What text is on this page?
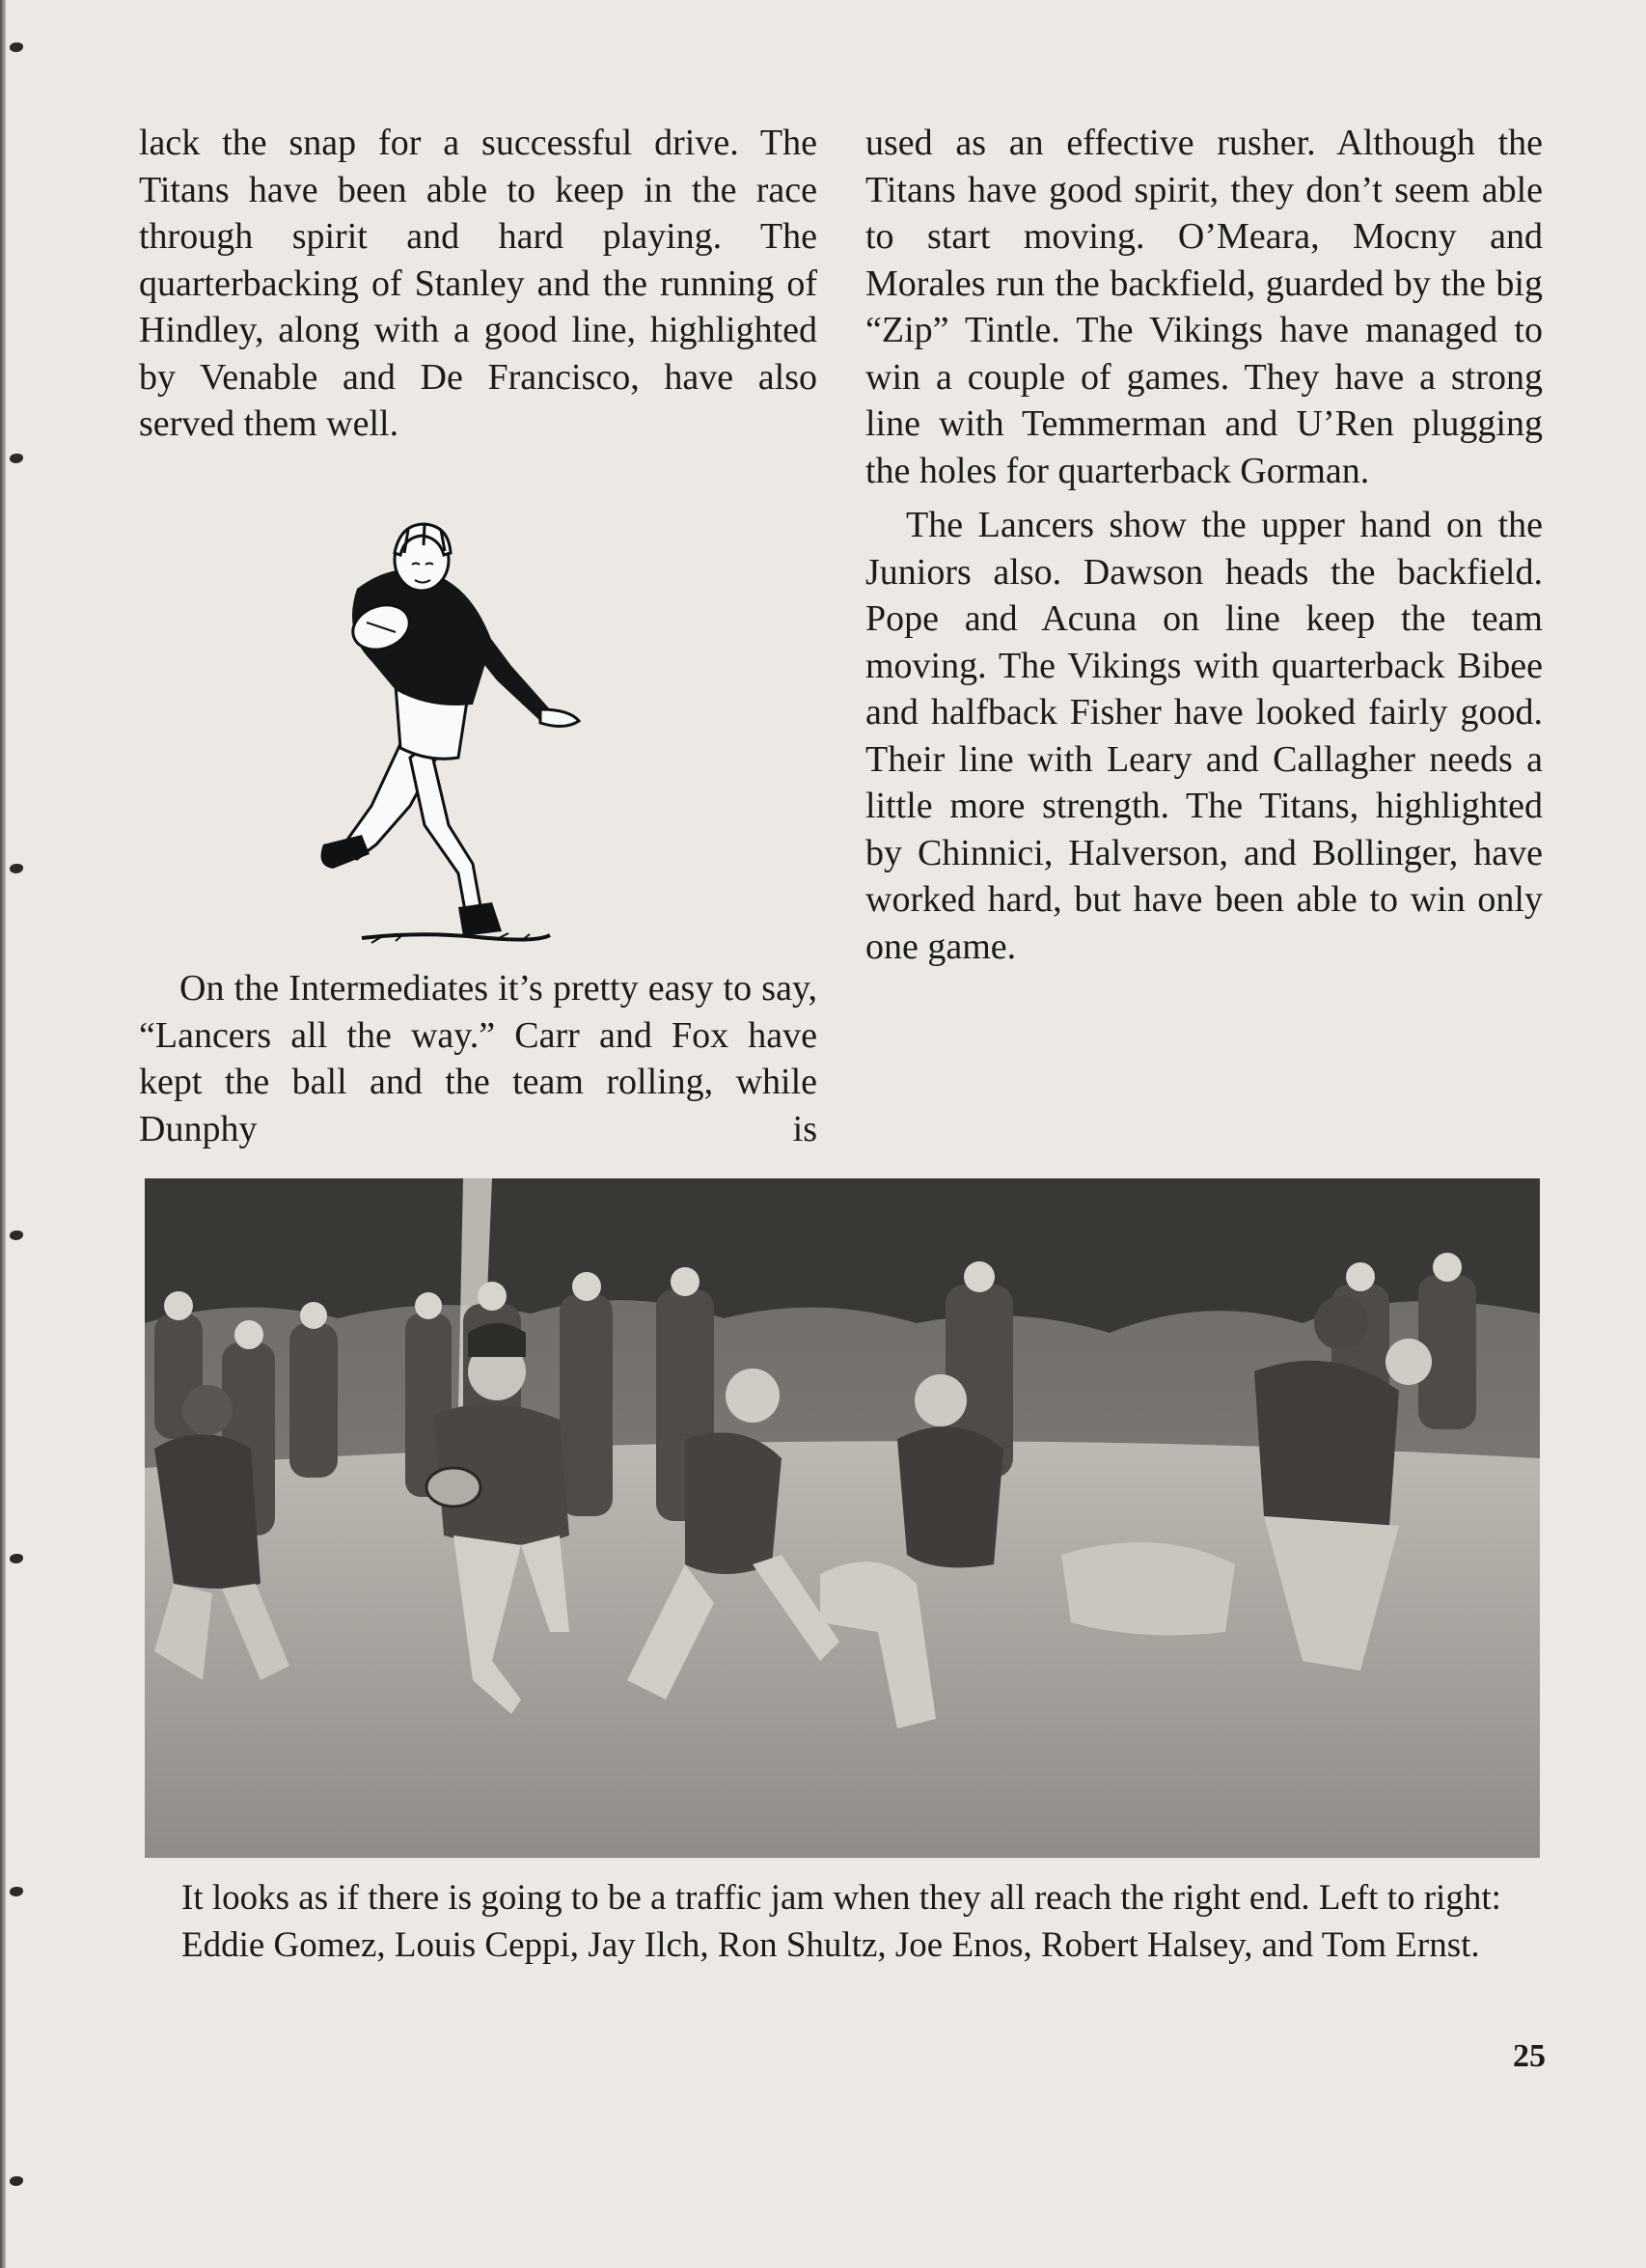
lack the snap for a successful drive. The Titans have been able to keep in the race through spirit and hard playing. The quarterbacking of Stanley and the running of Hindley, along with a good line, highlighted by Venable and De Francisco, have also served them well.

On the Intermediates it’s pretty easy to say, “Lancers all the way.” Carr and Fox have kept the ball and the team rolling, while Dunphy is

used as an effective rusher. Although the Titans have good spirit, they don’t seem able to start moving. O’Meara, Mocny and Morales run the backfield, guarded by the big “Zip” Tintle. The Vikings have managed to win a couple of games. They have a strong line with Temmerman and U’Ren plugging the holes for quarterback Gorman.

The Lancers show the upper hand on the Juniors also. Dawson heads the backfield. Pope and Acuna on line keep the team moving. The Vikings with quarterback Bibee and halfback Fisher have looked fairly good. Their line with Leary and Callagher needs a little more strength. The Titans, highlighted by Chinnici, Halverson, and Bollinger, have worked hard, but have been able to win only one game.

It looks as if there is going to be a traffic jam when they all reach the right end. Left to right: Eddie Gomez, Louis Ceppi, Jay Ilch, Ron Shultz, Joe Enos, Robert Halsey, and Tom Ernst.

25
